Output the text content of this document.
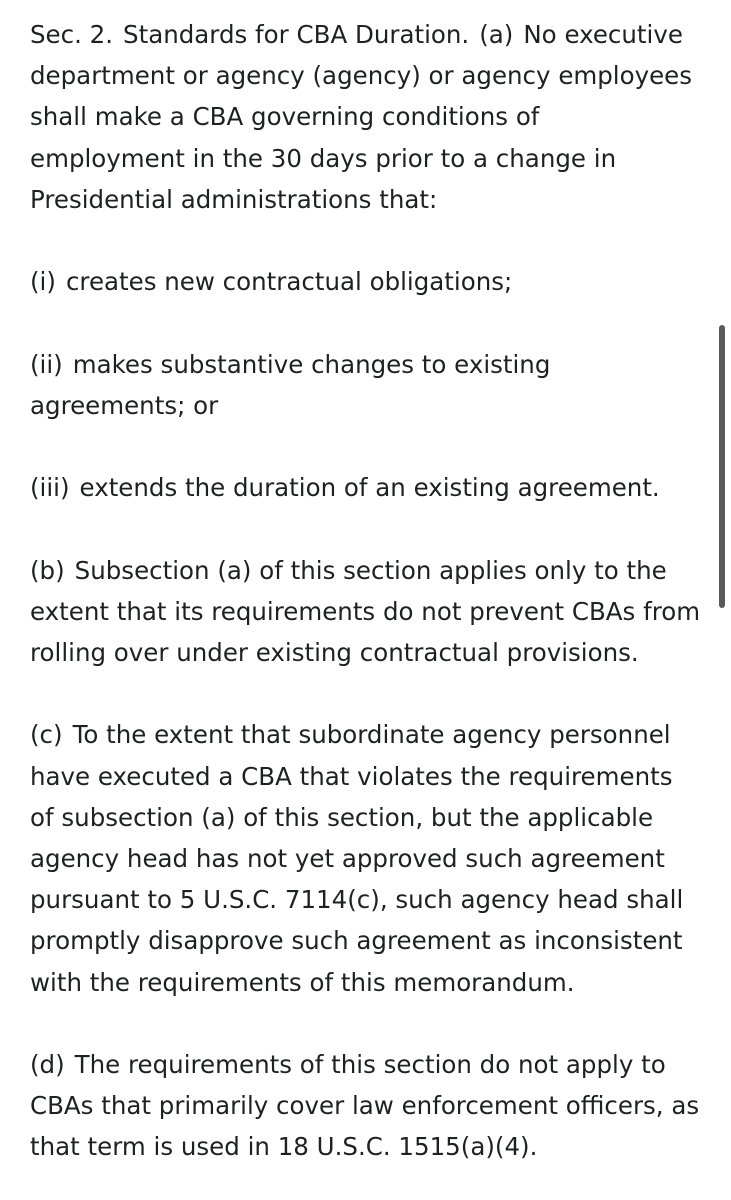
Sec. 2. Standards for CBA Duration. (a) No executive department or agency (agency) or agency employees shall make a CBA governing conditions of employment in the 30 days prior to a change in Presidential administrations that:

(i) creates new contractual obligations;

(ii) makes substantive changes to existing agreements; or

(iii) extends the duration of an existing agreement.

(b) Subsection (a) of this section applies only to the extent that its requirements do not prevent CBAs from rolling over under existing contractual provisions.

(c) To the extent that subordinate agency personnel have executed a CBA that violates the requirements of subsection (a) of this section, but the applicable agency head has not yet approved such agreement pursuant to 5 U.S.C. 7114(c), such agency head shall promptly disapprove such agreement as inconsistent with the requirements of this memorandum.

(d) The requirements of this section do not apply to CBAs that primarily cover law enforcement officers, as that term is used in 18 U.S.C. 1515(a)(4).
